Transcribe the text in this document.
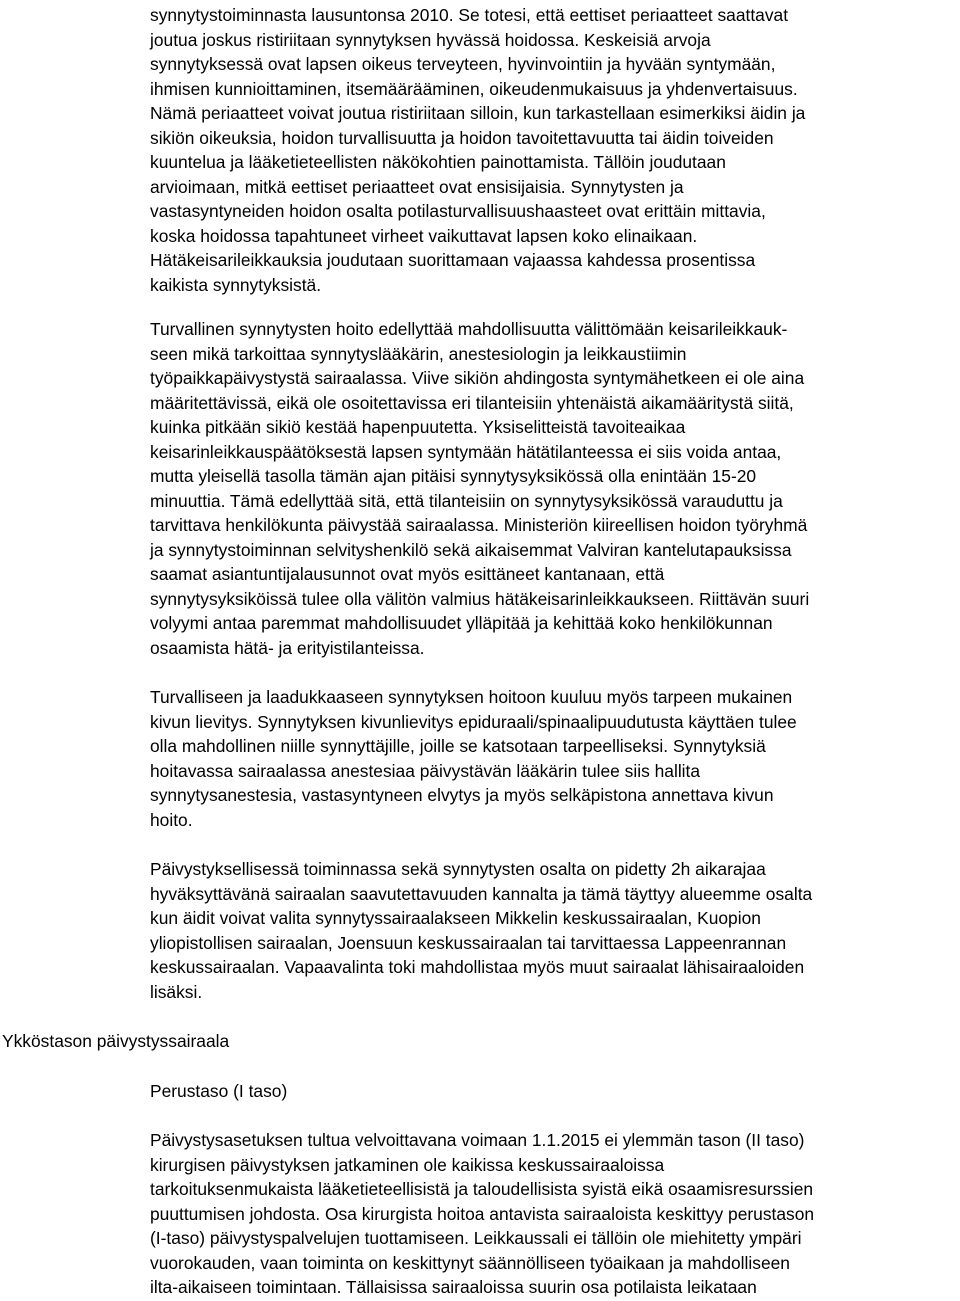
synnytystoiminnasta lausuntonsa 2010. Se totesi, että eettiset periaatteet saattavat
joutua joskus ristiriitaan synnytyksen hyvässä hoidossa. Keskeisiä arvoja
synnytyksessä ovat lapsen oikeus terveyteen, hyvinvointiin ja hyvään syntymään,
ihmisen kunnioittaminen, itsemäärääminen, oikeudenmukaisuus ja yhdenvertaisuus.
Nämä periaatteet voivat joutua ristiriitaan silloin, kun tarkastellaan esimerkiksi äidin ja
sikiön oikeuksia, hoidon turvallisuutta ja hoidon tavoitettavuutta tai äidin toiveiden
kuuntelua ja lääketieteellisten näkökohtien painottamista. Tällöin joudutaan
arvioimaan, mitkä eettiset periaatteet ovat ensisijaisia. Synnytysten ja
vastasyntyneiden hoidon osalta potilasturvallisuushaasteet ovat erittäin mittavia,
koska hoidossa tapahtuneet virheet vaikuttavat lapsen koko elinaikaan.
Hätäkeisarileikkauksia joudutaan suorittamaan vajaassa kahdessa prosentissa
kaikista synnytyksistä.
Turvallinen synnytysten hoito edellyttää mahdollisuutta välittömään keisarileikkauk-
seen mikä tarkoittaa synnytyslääkärin, anestesiologin ja leikkaustiimin
työpaikkapäivystystä sairaalassa. Viive sikiön ahdingosta syntymähetkeen ei ole aina
määritettävissä, eikä ole osoitettavissa eri tilanteisiin yhtenäistä aikamääritystä siitä,
kuinka pitkään sikiö kestää hapenpuutetta. Yksiselitteistä tavoiteaikaa
keisarinleikkauspäätöksestä lapsen syntymään hätätilanteessa ei siis voida antaa,
mutta yleisellä tasolla tämän ajan pitäisi synnytysyksikössä olla enintään 15-20
minuuttia. Tämä edellyttää sitä, että tilanteisiin on synnytysyksikössä varauduttu ja
tarvittava henkilökunta päivystää sairaalassa. Ministeriön kiireellisen hoidon työryhmä
ja synnytystoiminnan selvityshenkilö sekä aikaisemmat Valviran kantelutapauksissa
saamat asiantuntijalausunnot ovat myös esittäneet kantanaan, että
synnytysyksiköissä tulee olla välitön valmius hätäkeisarinleikkaukseen. Riittävän suuri
volyymi antaa paremmat mahdollisuudet ylläpitää ja kehittää koko henkilökunnan
osaamista hätä- ja erityistilanteissa.
Turvalliseen ja laadukkaaseen synnytyksen hoitoon kuuluu myös tarpeen mukainen
kivun lievitys. Synnytyksen kivunlievitys epiduraali/spinaalipuudutusta käyttäen tulee
olla mahdollinen niille synnyttäjille, joille se katsotaan tarpeelliseksi. Synnytyksiä
hoitavassa sairaalassa anestesiaa päivystävän lääkärin tulee siis hallita
synnytysanestesia, vastasyntyneen elvytys ja myös selkäpistona annettava kivun
hoito.
Päivystyksellisessä toiminnassa sekä synnytysten osalta on pidetty 2h aikarajaa
hyväksyttävänä sairaalan saavutettavuuden kannalta ja tämä täyttyy alueemme osalta
kun äidit voivat valita synnytyssairaalakseen Mikkelin keskussairaalan, Kuopion
yliopistollisen sairaalan, Joensuun keskussairaalan tai tarvittaessa Lappeenrannan
keskussairaalan. Vapaavalinta toki mahdollistaa myös muut sairaalat lähisairaaloiden
lisäksi.
Ykköstason päivystyssairaala
Perustaso (I taso)
Päivystysasetuksen tultua velvoittavana voimaan 1.1.2015 ei ylemmän tason (II taso)
kirurgisen päivystyksen jatkaminen ole kaikissa keskussairaaloissa
tarkoituksenmukaista lääketieteellisistä ja taloudellisista syistä eikä osaamisresurssien
puuttumisen johdosta. Osa kirurgista hoitoa antavista sairaaloista keskittyy perustason
(I-taso) päivystyspalvelujen tuottamiseen. Leikkaussali ei tällöin ole miehitetty ympäri
vuorokauden, vaan toiminta on keskittynyt säännölliseen työaikaan ja mahdolliseen
ilta-aikaiseen toimintaan. Tällaisissa sairaaloissa suurin osa potilaista leikataan
